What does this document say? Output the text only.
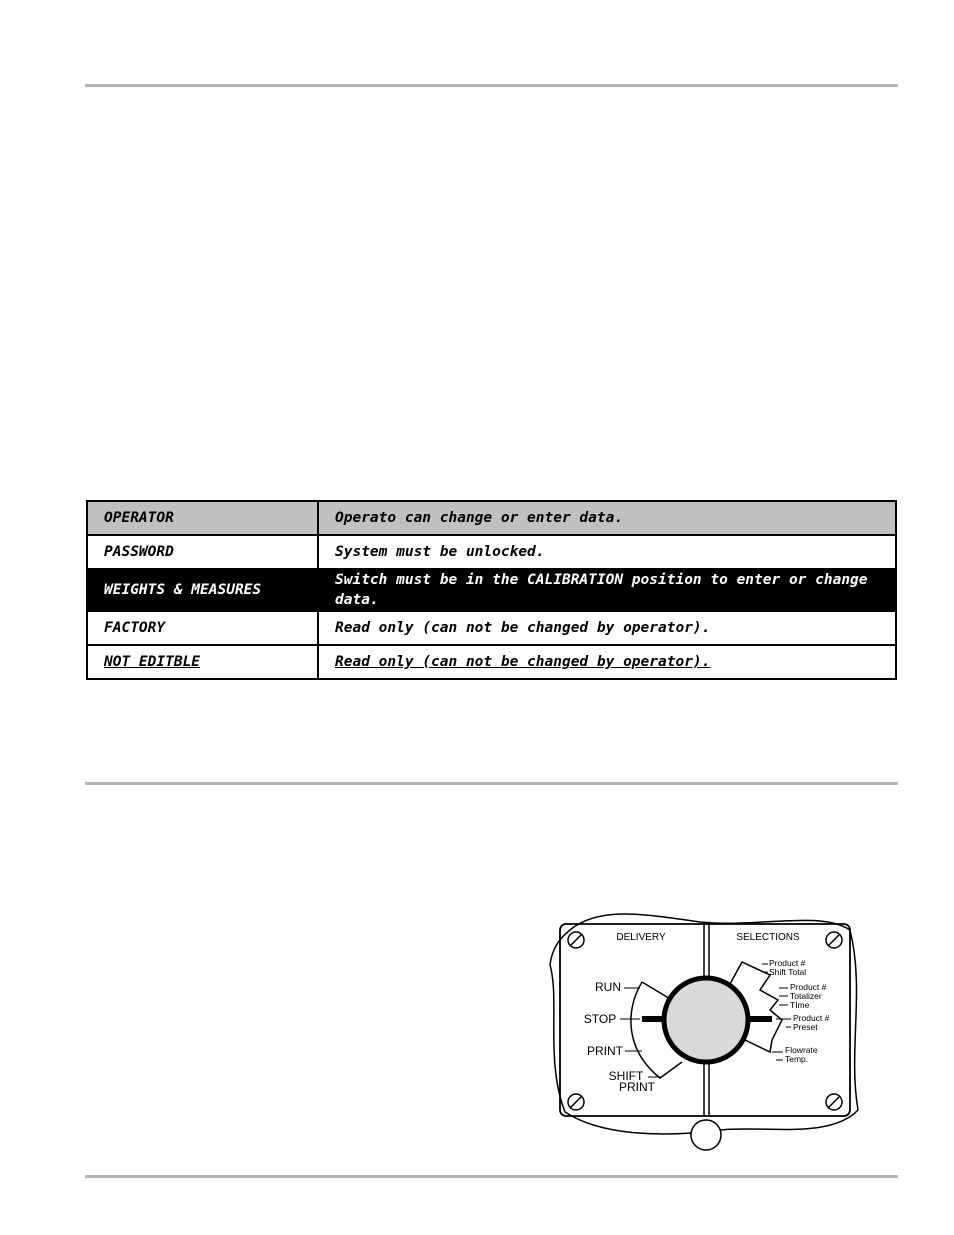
OPERATOR	Operato can change or enter data.
PASSWORD	System must be unlocked.
WEIGHTS & MEASURES	Switch must be in the CALIBRATION position to enter or change data.
FACTORY	Read only (can not be changed by operator).
NOT EDITBLE	Read only (can not be changed by operator).
DELIVERY	SELECTIONS
RUN
STOP
PRINT
SHIFT
PRINT
Product #
Shift Total
Product #
Totalizer
TIme
Product #
Preset
Flowrate
Temp.
